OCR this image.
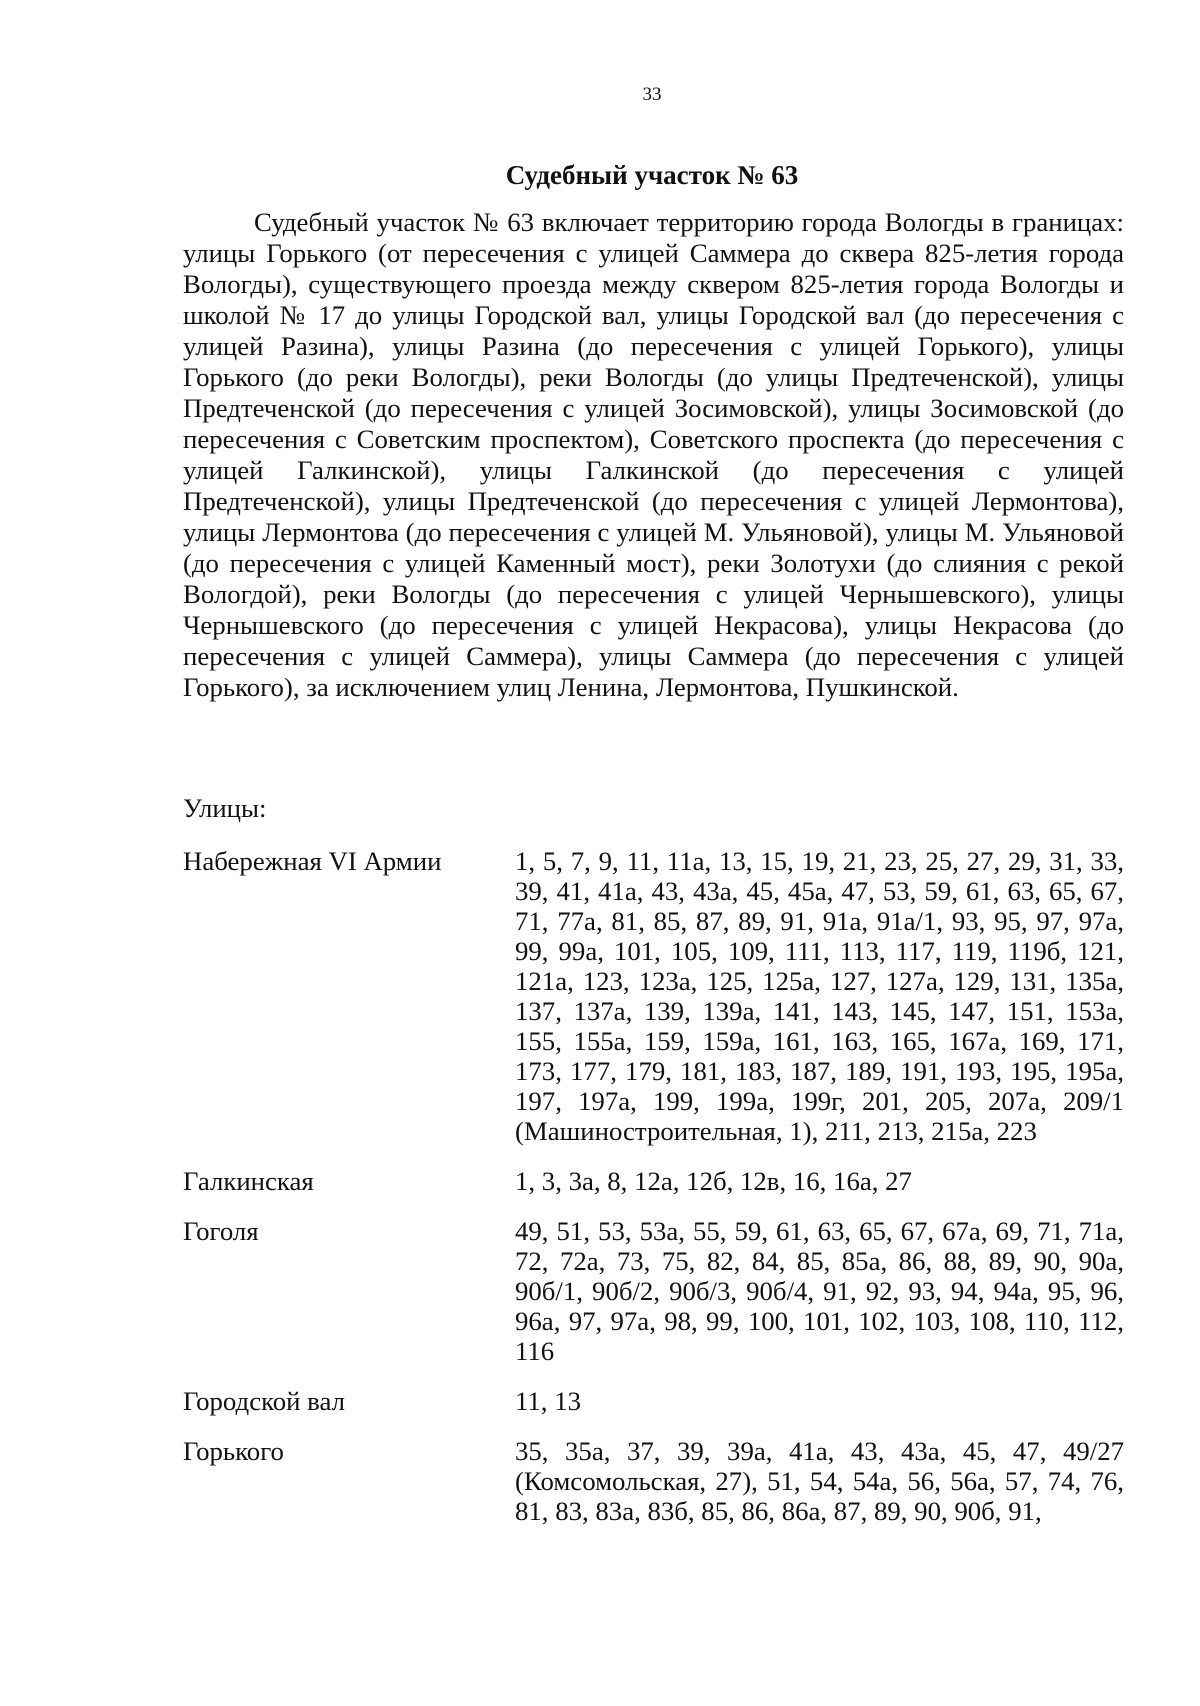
33
Судебный участок № 63

Судебный участок № 63 включает территорию города Вологды в границах: улицы Горького (от пересечения с улицей Саммера до сквера 825-летия города Вологды), существующего проезда между сквером 825-летия города Вологды и школой № 17 до улицы Городской вал, улицы Городской вал (до пересечения с улицей Разина), улицы Разина (до пересечения с улицей Горького), улицы Горького (до реки Вологды), реки Вологды (до улицы Предтеченской), улицы Предтеченской (до пересечения с улицей Зосимовской), улицы Зосимовской (до пересечения с Советским проспектом), Советского проспекта (до пересечения с улицей Галкинской), улицы Галкинской (до пересечения с улицей Предтеченской), улицы Предтеченской (до пересечения с улицей Лермонтова), улицы Лермонтова (до пересечения с улицей М. Ульяновой), улицы М. Ульяновой (до пересечения с улицей Каменный мост), реки Золотухи (до слияния с рекой Вологдой), реки Вологды (до пересечения с улицей Чернышевского), улицы Чернышевского (до пересечения с улицей Некрасова), улицы Некрасова (до пересечения с улицей Саммера), улицы Саммера (до пересечения с улицей Горького), за исключением улиц Ленина, Лермонтова, Пушкинской.

Улицы:
Набережная VI Армии	1, 5, 7, 9, 11, 11а, 13, 15, 19, 21, 23, 25, 27, 29, 31, 33, 39, 41, 41а, 43, 43а, 45, 45а, 47, 53, 59, 61, 63, 65, 67, 71, 77а, 81, 85, 87, 89, 91, 91а, 91а/1, 93, 95, 97, 97а, 99, 99а, 101, 105, 109, 111, 113, 117, 119, 119б, 121, 121а, 123, 123а, 125, 125а, 127, 127а, 129, 131, 135а, 137, 137а, 139, 139а, 141, 143, 145, 147, 151, 153а, 155, 155а, 159, 159а, 161, 163, 165, 167а, 169, 171, 173, 177, 179, 181, 183, 187, 189, 191, 193, 195, 195а, 197, 197а, 199, 199а, 199г, 201, 205, 207а, 209/1 (Машиностроительная, 1), 211, 213, 215а, 223
Галкинская	1, 3, 3а, 8, 12а, 12б, 12в, 16, 16а, 27
Гоголя	49, 51, 53, 53а, 55, 59, 61, 63, 65, 67, 67а, 69, 71, 71а, 72, 72а, 73, 75, 82, 84, 85, 85а, 86, 88, 89, 90, 90а, 90б/1, 90б/2, 90б/3, 90б/4, 91, 92, 93, 94, 94а, 95, 96, 96а, 97, 97а, 98, 99, 100, 101, 102, 103, 108, 110, 112, 116
Городской вал	11, 13
Горького	35, 35а, 37, 39, 39а, 41а, 43, 43а, 45, 47, 49/27 (Комсомольская, 27), 51, 54, 54а, 56, 56а, 57, 74, 76, 81, 83, 83а, 83б, 85, 86, 86а, 87, 89, 90, 90б, 91,
